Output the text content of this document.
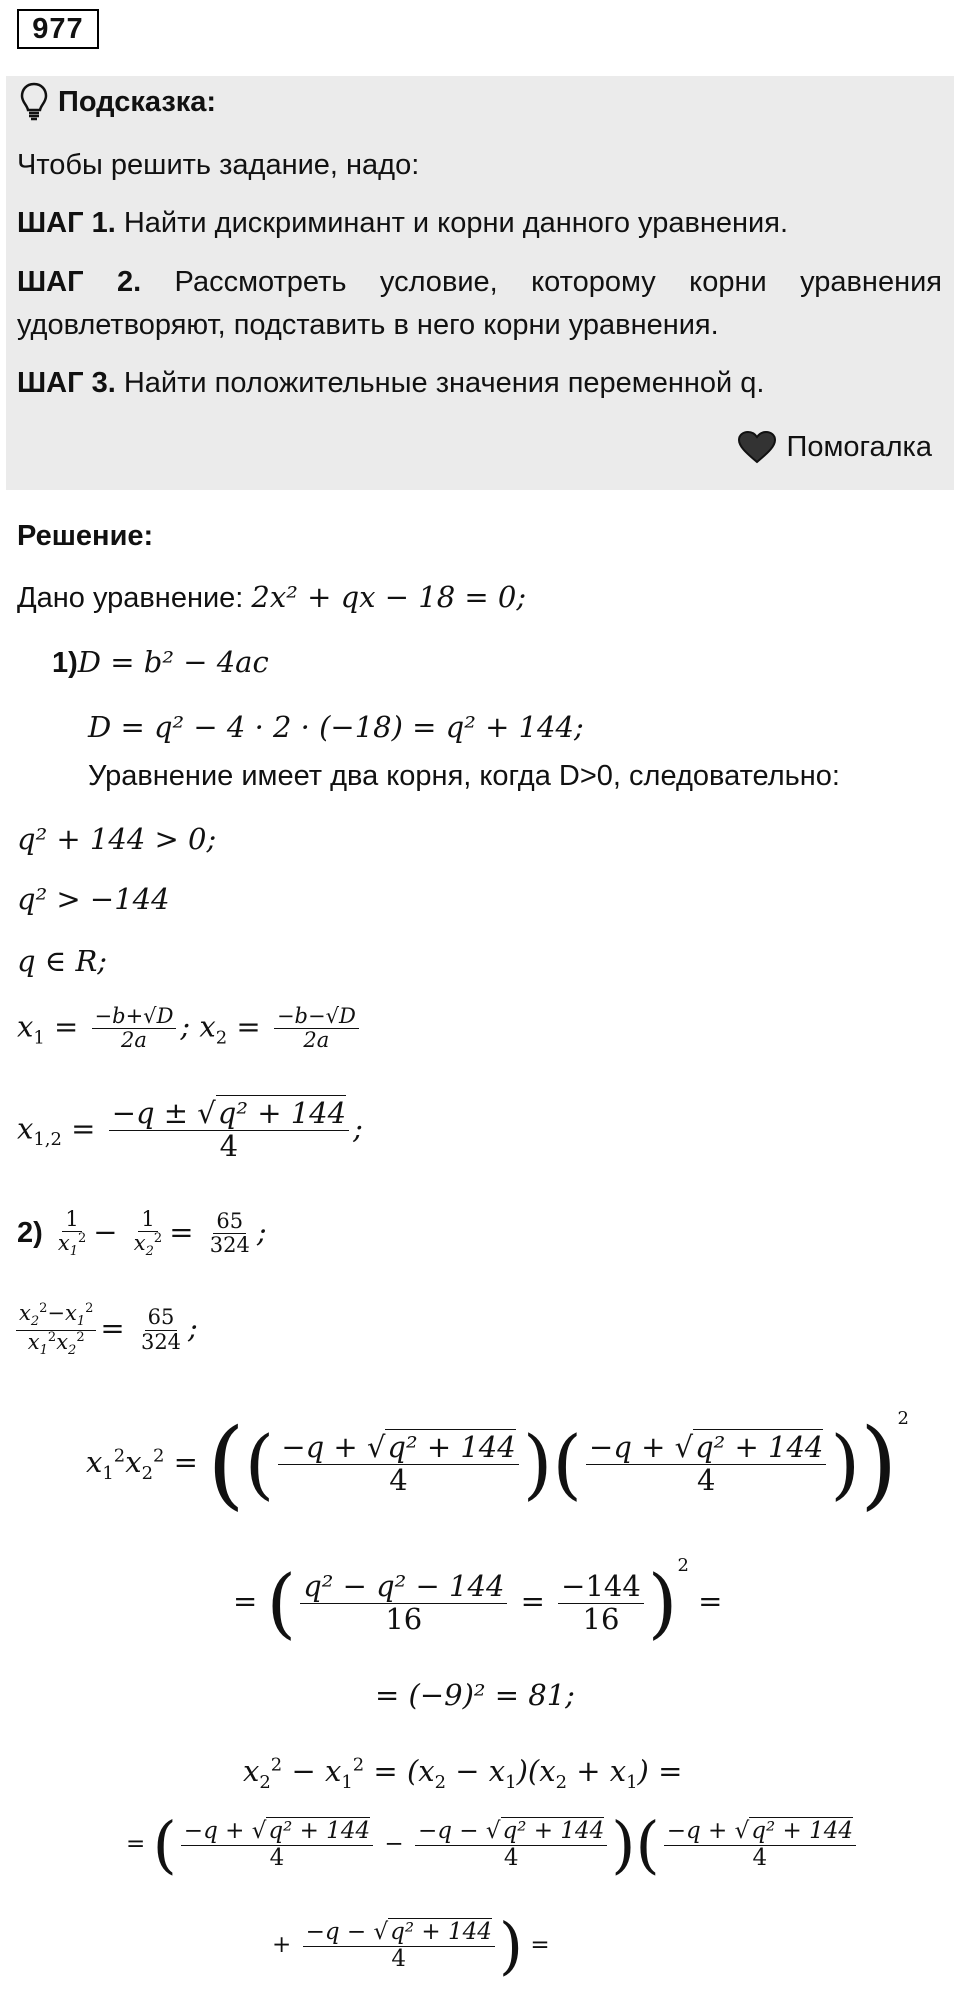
977
Подсказка:
Чтобы решить задание, надо:
ШАГ 1. Найти дискриминант и корни данного уравнения.
ШАГ 2. Рассмотреть условие, которому корни уравнения удовлетворяют, подставить в него корни уравнения.
ШАГ 3. Найти положительные значения переменной q.
Помогалка
Решение:
Дано уравнение: 2x² + qx − 18 = 0;
1)D = b² − 4ac
D = q² − 4 · 2 · (−18) = q² + 144;
Уравнение имеет два корня, когда D>0, следовательно:
q² + 144 > 0;
q² > −144
q ∈ R;
$x_1 = \frac{-b+√D}{2a}$ ; $x_2 = \frac{-b-√D}{2a}$
$x_{1,2} = \frac{\text{−q ± √q² + 144}}{4}$ ;
$2) \frac{1}{x_1^2} - \frac{1}{x_2^2} = \frac{65}{324}$ ;
$\frac{x_2^2-x_1^2}{x_1^2x_2^2} = \frac{65}{324}$ ;
$x_1^2x_2^2$ = (( $\frac{\text{−q + √q² + 144}}{4}$ )( $\frac{\text{−q + √q² + 144}}{4} ))^2$
= ( $\frac{\text{q² − q² − 144}}{16} = \frac{-144}{16} )^2$ =
= (−9)² = 81;
$x_2^2 - x_1^2 = (x_2 - x_1)(x_2 + x_1)$ =
= ( $\frac{\text{−q + √q² + 144}}{4} - \frac{\text{−q − √q² + 144}}{4}$ )( $\frac{\text{−q + √q² + 144}}{4}$
+ $\frac{\text{−q − √q² + 144}}{4}$ ) =
